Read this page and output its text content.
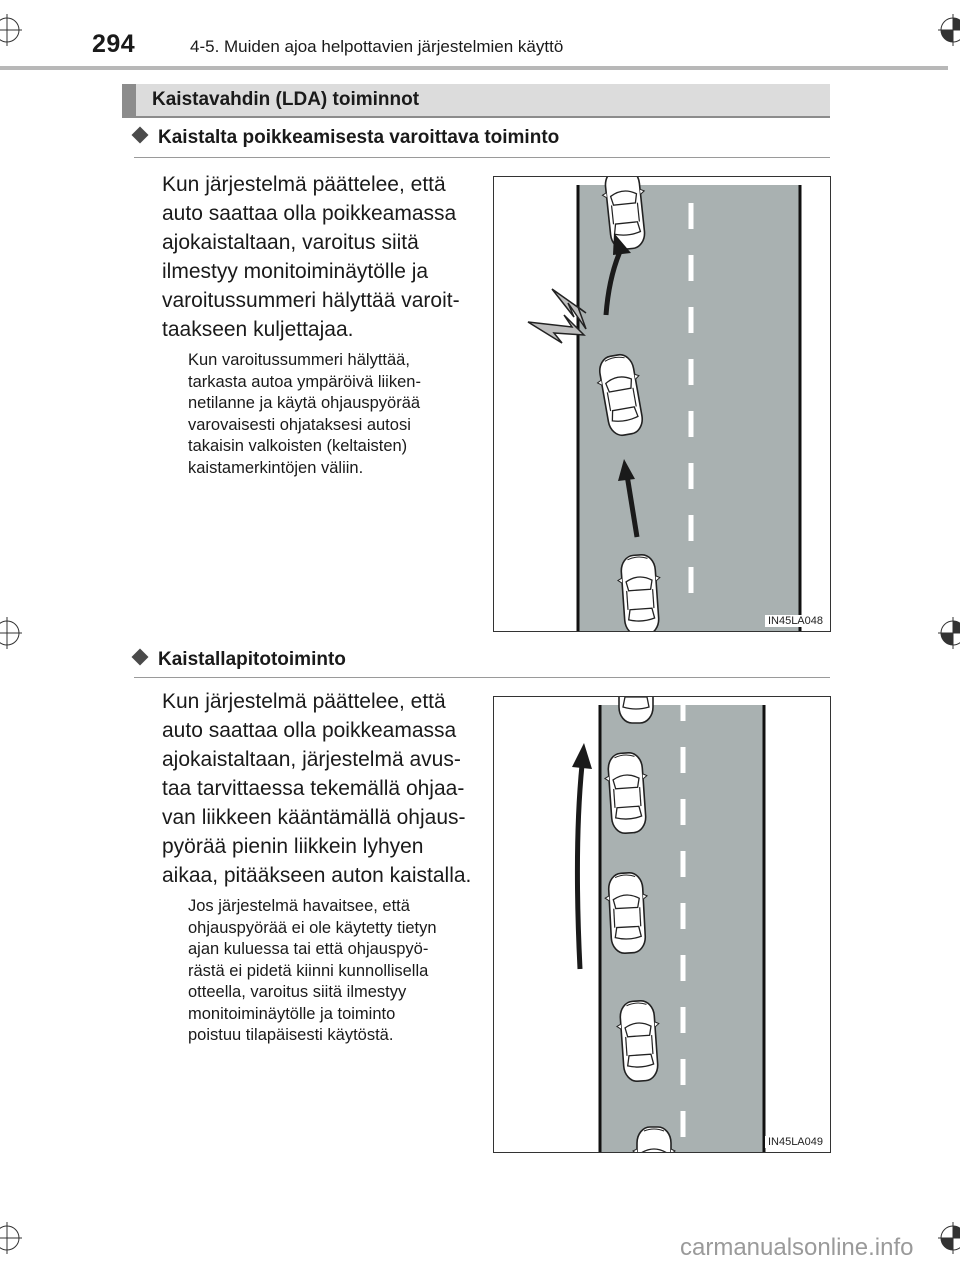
294	4-5. Muiden ajoa helpottavien järjestelmien käyttö
Kaistavahdin (LDA) toiminnot
Kaistalta poikkeamisesta varoittava toiminto
Kun järjestelmä päättelee, että
auto saattaa olla poikkeamassa
ajokaistaltaan, varoitus siitä
ilmestyy monitoiminäytölle ja
varoitussummeri hälyttää varoit-
taakseen kuljettajaa.
Kun varoitussummeri hälyttää,
tarkasta autoa ympäröivä liiken-
netilanne ja käytä ohjauspyörää
varovaisesti ohjataksesi autosi
takaisin valkoisten (keltaisten)
kaistamerkintöjen väliin.
IN45LA048
Kaistallapitotoiminto
Kun järjestelmä päättelee, että
auto saattaa olla poikkeamassa
ajokaistaltaan, järjestelmä avus-
taa tarvittaessa tekemällä ohjaa-
van liikkeen kääntämällä ohjaus-
pyörää pienin liikkein lyhyen
aikaa, pitääkseen auton kaistalla.
Jos järjestelmä havaitsee, että
ohjauspyörää ei ole käytetty tietyn
ajan kuluessa tai että ohjauspyö-
rästä ei pidetä kiinni kunnollisella
otteella, varoitus siitä ilmestyy
monitoiminäytölle ja toiminto
poistuu tilapäisesti käytöstä.
IN45LA049
carmanualsonline.info
